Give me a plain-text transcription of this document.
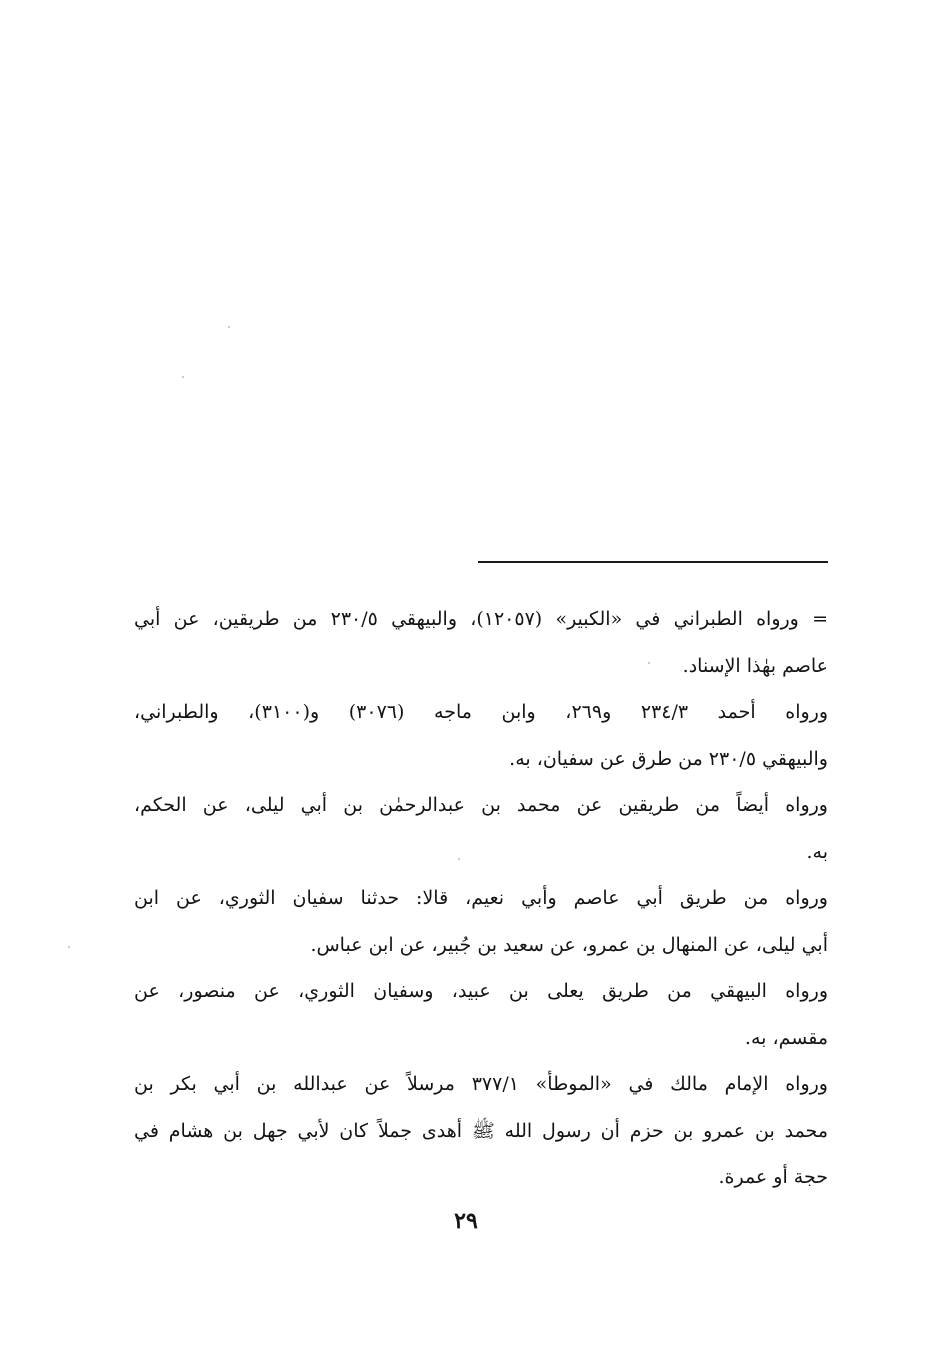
= ورواه الطبراني في «الكبير» (١٢٠٥٧)، والبيهقي ٢٣٠/٥ من طريقين، عن أبي
عاصم بهٰذا الإسناد.
ورواه أحمد ٢٣٤/٣ و٢٦٩، وابن ماجه (٣٠٧٦) و(٣١٠٠)، والطبراني،
والبيهقي ٢٣٠/٥ من طرق عن سفيان، به.
ورواه أيضاً من طريقين عن محمد بن عبدالرحمٰن بن أبي ليلى، عن الحكم،
به.
ورواه من طريق أبي عاصم وأبي نعيم، قالا: حدثنا سفيان الثوري، عن ابن
أبي ليلى، عن المنهال بن عمرو، عن سعيد بن جُبير، عن ابن عباس.
ورواه البيهقي من طريق يعلى بن عبيد، وسفيان الثوري، عن منصور، عن
مقسم، به.
ورواه الإمام مالك في «الموطأ» ٣٧٧/١ مرسلاً عن عبدالله بن أبي بكر بن
محمد بن عمرو بن حزم أن رسول الله ﷺ أهدى جملاً كان لأبي جهل بن هشام في
حجة أو عمرة.
٢٩
